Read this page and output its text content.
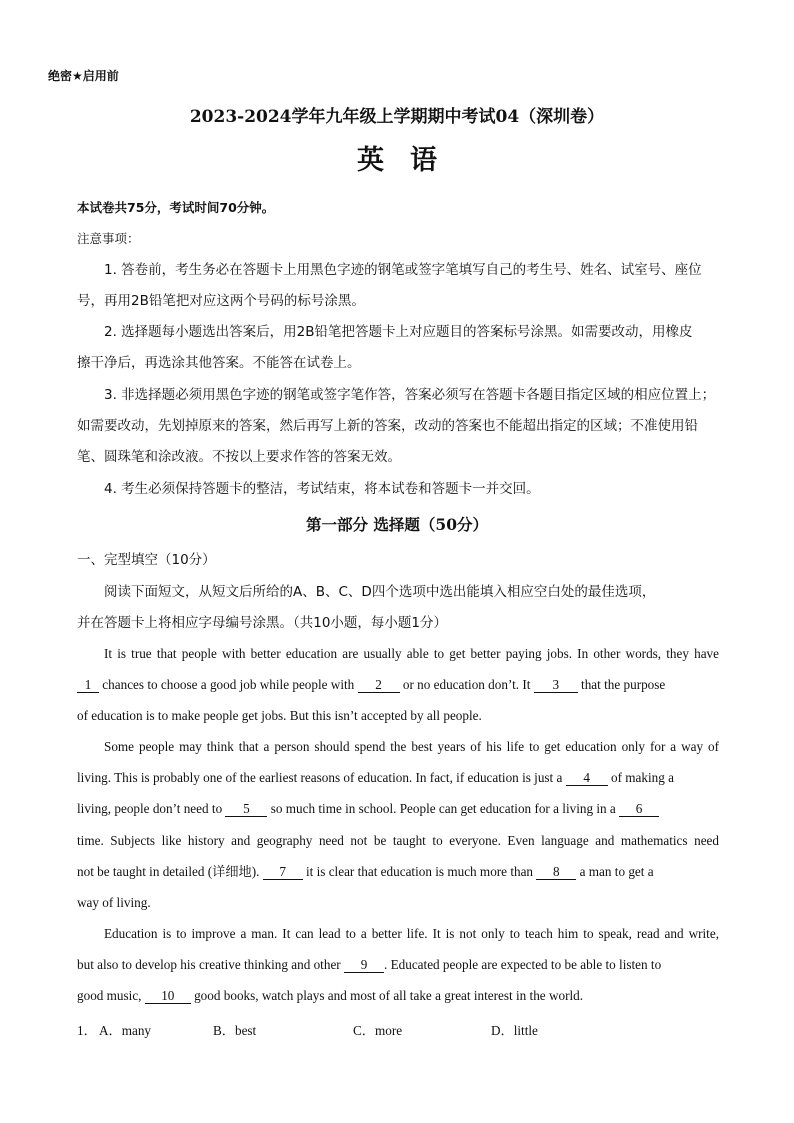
绝密★启用前
2023-2024学年九年级上学期期中考试04（深圳卷）
英语
本试卷共75分，考试时间70分钟。
注意事项：
1. 答卷前，考生务必在答题卡上用黑色字迹的钢笔或签字笔填写自己的考生号、姓名、试室号、座位
号，再用2B铅笔把对应这两个号码的标号涂黑。
2. 选择题每小题选出答案后，用2B铅笔把答题卡上对应题目的答案标号涂黑。如需要改动，用橡皮
擦干净后，再选涂其他答案。不能答在试卷上。
3. 非选择题必须用黑色字迹的钢笔或签字笔作答，答案必须写在答题卡各题目指定区域的相应位置上；
如需要改动，先划掉原来的答案，然后再写上新的答案，改动的答案也不能超出指定的区域；不准使用铅
笔、圆珠笔和涂改液。不按以上要求作答的答案无效。
4. 考生必须保持答题卡的整洁，考试结束，将本试卷和答题卡一并交回。
第一部分 选择题（50分）
一、完型填空（10分）
阅读下面短文，从短文后所给的A、B、C、D四个选项中选出能填入相应空白处的最佳选项，
并在答题卡上将相应字母编号涂黑。（共10小题，每小题1分）
It is true that people with better education are usually able to get better paying jobs. In other words, they have
1 chances to choose a good job while people with 2 or no education don’t. It 3 that the purpose
of education is to make people get jobs. But this isn’t accepted by all people.
Some people may think that a person should spend the best years of his life to get education only for a way of
living. This is probably one of the earliest reasons of education. In fact, if education is just a 4 of making a
living, people don’t need to 5 so much time in school. People can get education for a living in a 6
time. Subjects like history and geography need not be taught to everyone. Even language and mathematics need
not be taught in detailed (详细地). 7 it is clear that education is much more than 8 a man to get a
way of living.
Education is to improve a man. It can lead to a better life. It is not only to teach him to speak, read and write,
but also to develop his creative thinking and other 9 . Educated people are expected to be able to listen to
good music, 10 good books, watch plays and most of all take a great interest in the world.
1． A．many	B．best	C．more	D．little
